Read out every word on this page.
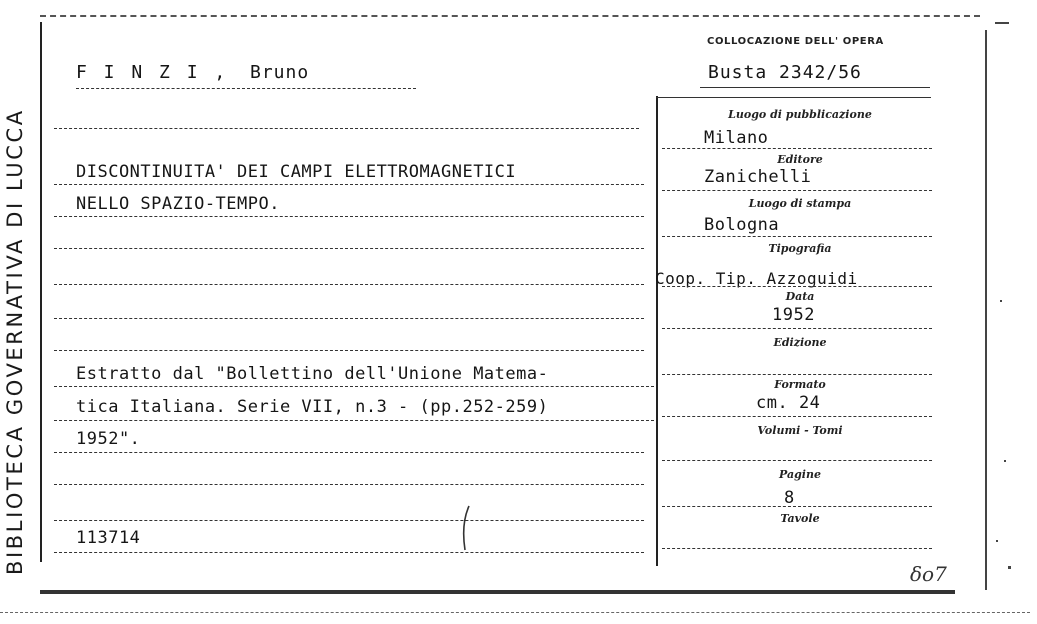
BIBLIOTECA GOVERNATIVA DI LUCCA
COLLOCAZIONE DELL' OPERA
Busta 2342/56
F I N Z I , Bruno
DISCONTINUITA' DEI CAMPI ELETTROMAGNETICI
NELLO SPAZIO-TEMPO.
Estratto dal "Bollettino dell'Unione Matema-
tica Italiana. Serie VII, n.3 - (pp.252-259)
1952".
113714
Luogo di pubblicazione
Milano
Editore
Zanichelli
Luogo di stampa
Bologna
Tipografia
Coop. Tip. Azzoguidi
Data
1952
Edizione
Formato
cm. 24
Volumi - Tomi
Pagine
8
Tavole
δο7
